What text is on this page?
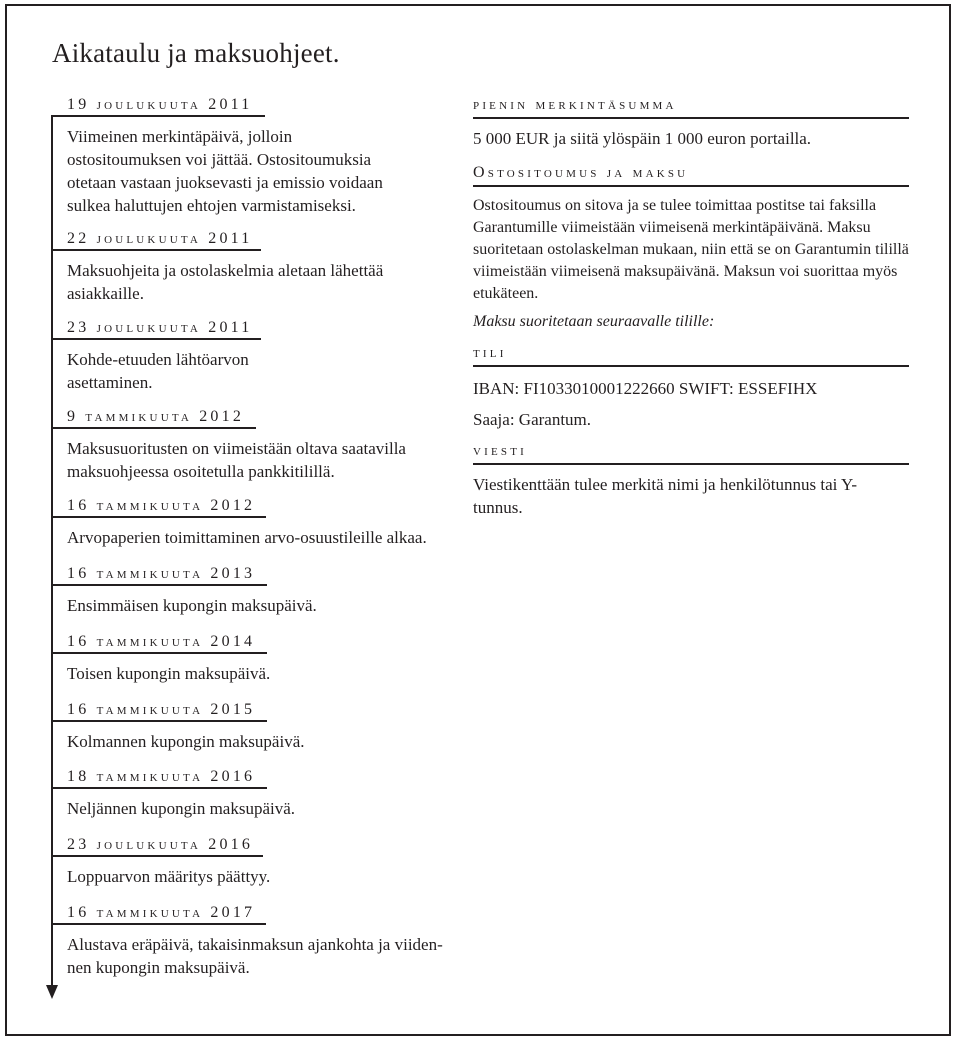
Aikataulu ja maksuohjeet.
19 joulukuuta 2011
Viimeinen merkintäpäivä, jolloin ostositoumuksen voi jättää. Ostositoumuksia otetaan vastaan juoksevasti ja emissio voidaan sulkea haluttujen ehtojen varmistamiseksi.
22 joulukuuta 2011
Maksuohjeita ja ostolaskelmia aletaan lähettää asiakkaille.
23 joulukuuta 2011
Kohde-etuuden lähtöarvon asettaminen.
9 tammikuuta 2012
Maksusuoritusten on viimeistään oltava saatavilla maksuohjeessa osoitetulla pankkitilillä.
16 tammikuuta 2012
Arvopaperien toimittaminen arvo-osuustileille alkaa.
16 tammikuuta 2013
Ensimmäisen kupongin maksupäivä.
16 tammikuuta 2014
Toisen kupongin maksupäivä.
16 tammikuuta 2015
Kolmannen kupongin maksupäivä.
18 tammikuuta 2016
Neljännen kupongin maksupäivä.
23 joulukuuta 2016
Loppuarvon määritys päättyy.
16 tammikuuta 2017
Alustava eräpäivä, takaisinmaksun ajankohta ja viiden-nen kupongin maksupäivä.
pienin merkintäsumma
5 000 EUR ja siitä ylöspäin 1 000 euron portailla.
Ostositoumus ja maksu
Ostositoumus on sitova ja se tulee toimittaa postitse tai faksilla Garantumille viimeistään viimeisenä merkintäpäivänä. Maksu suoritetaan ostolaskelman mukaan, niin että se on Garantumin tilillä viimeistään viimeisenä maksupäivänä. Maksun voi suorittaa myös etukäteen.
Maksu suoritetaan seuraavalle tilille:
tili
IBAN: FI1033010001222660 SWIFT: ESSEFIHX
Saaja: Garantum.
viesti
Viestikenttään tulee merkitä nimi ja henkilötunnus tai Y-tunnus.
